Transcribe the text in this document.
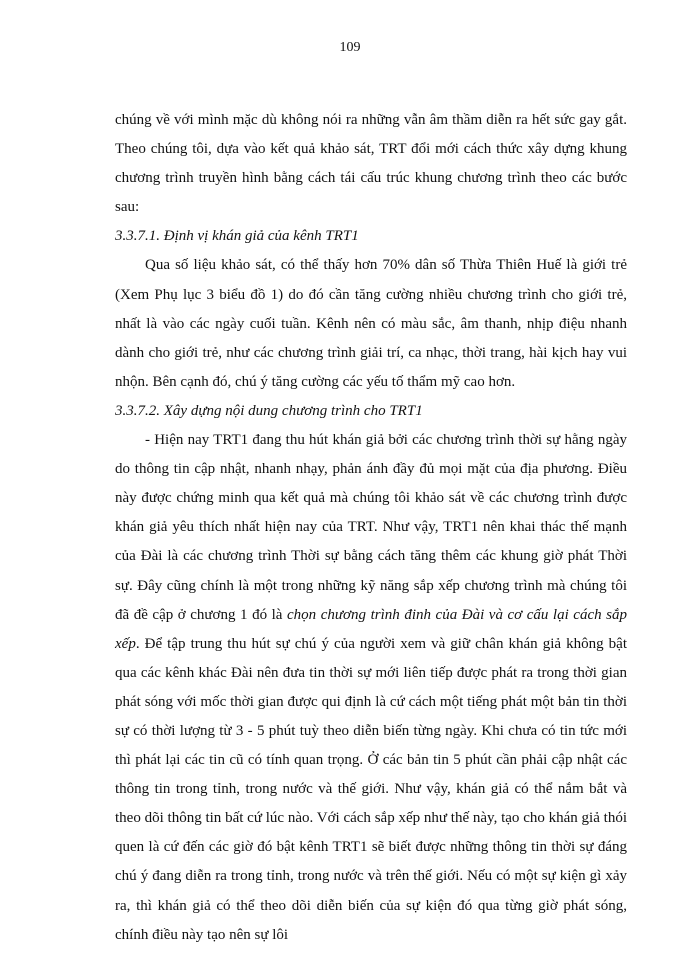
109

chúng về với mình mặc dù không nói ra những vẫn âm thầm diễn ra hết sức gay gắt. Theo chúng tôi, dựa vào kết quả khảo sát, TRT đổi mới cách thức xây dựng khung chương trình truyền hình bằng cách tái cấu trúc khung chương trình theo các bước sau:

3.3.7.1. Định vị khán giả của kênh TRT1

Qua số liệu khảo sát, có thể thấy hơn 70% dân số Thừa Thiên Huế là giới trẻ (Xem Phụ lục 3 biểu đồ 1) do đó cần tăng cường nhiều chương trình cho giới trẻ, nhất là vào các ngày cuối tuần. Kênh nên có màu sắc, âm thanh, nhịp điệu nhanh dành cho giới trẻ, như các chương trình giải trí, ca nhạc, thời trang, hài kịch hay vui nhộn. Bên cạnh đó, chú ý tăng cường các yếu tố thẩm mỹ cao hơn.

3.3.7.2. Xây dựng nội dung chương trình cho TRT1

- Hiện nay TRT1 đang thu hút khán giả bởi các chương trình thời sự hằng ngày do thông tin cập nhật, nhanh nhạy, phản ánh đầy đủ mọi mặt của địa phương. Điều này được chứng minh qua kết quả mà chúng tôi khảo sát về các chương trình được khán giả yêu thích nhất hiện nay của TRT. Như vậy, TRT1 nên khai thác thế mạnh của Đài là các chương trình Thời sự bằng cách tăng thêm các khung giờ phát Thời sự. Đây cũng chính là một trong những kỹ năng sắp xếp chương trình mà chúng tôi đã đề cập ở chương 1 đó là chọn chương trình đinh của Đài và cơ cấu lại cách sắp xếp. Để tập trung thu hút sự chú ý của người xem và giữ chân khán giả không bật qua các kênh khác Đài nên đưa tin thời sự mới liên tiếp được phát ra trong thời gian phát sóng với mốc thời gian được qui định là cứ cách một tiếng phát một bản tin thời sự có thời lượng từ 3 - 5 phút tuỳ theo diễn biến từng ngày. Khi chưa có tin tức mới thì phát lại các tin cũ có tính quan trọng. Ở các bản tin 5 phút cần phải cập nhật các thông tin trong tỉnh, trong nước và thế giới. Như vậy, khán giả có thể nắm bắt và theo dõi thông tin bất cứ lúc nào. Với cách sắp xếp như thế này, tạo cho khán giả thói quen là cứ đến các giờ đó bật kênh TRT1 sẽ biết được những thông tin thời sự đáng chú ý đang diễn ra trong tỉnh, trong nước và trên thế giới. Nếu có một sự kiện gì xảy ra, thì khán giả có thể theo dõi diễn biến của sự kiện đó qua từng giờ phát sóng, chính điều này tạo nên sự lôi
